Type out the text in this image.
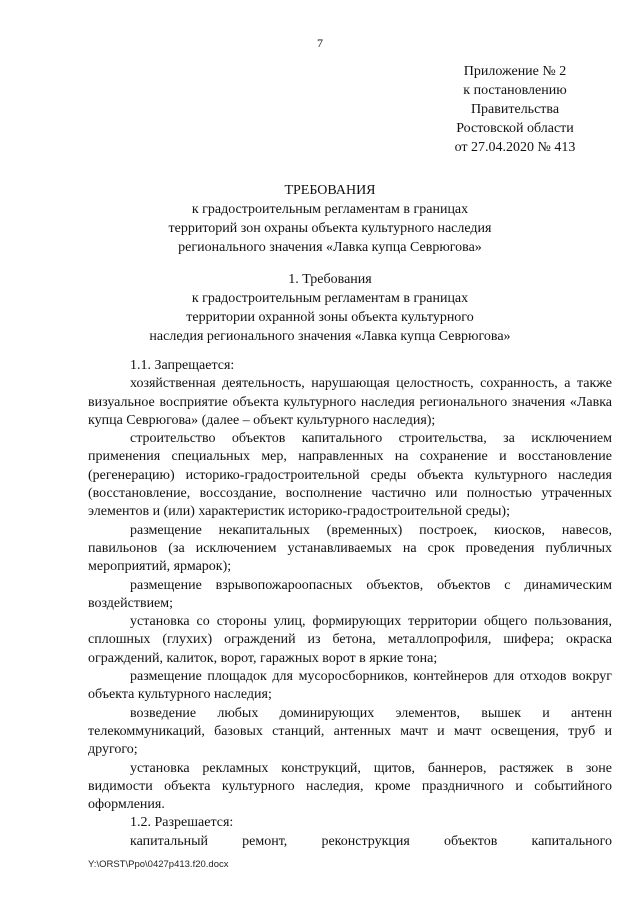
7
Приложение № 2
к постановлению
Правительства
Ростовской области
от 27.04.2020 № 413
ТРЕБОВАНИЯ
к градостроительным регламентам в границах
территорий зон охраны объекта культурного наследия
регионального значения «Лавка купца Севрюгова»
1. Требования
к градостроительным регламентам в границах
территории охранной зоны объекта культурного
наследия регионального значения «Лавка купца Севрюгова»

1.1. Запрещается:

хозяйственная деятельность, нарушающая целостность, сохранность, а также визуальное восприятие объекта культурного наследия регионального значения «Лавка купца Севрюгова» (далее – объект культурного наследия);

строительство объектов капитального строительства, за исключением применения специальных мер, направленных на сохранение и восстановление (регенерацию) историко-градостроительной среды объекта культурного наследия (восстановление, воссоздание, восполнение частично или полностью утраченных элементов и (или) характеристик историко-градостроительной среды);

размещение некапитальных (временных) построек, киосков, навесов, павильонов (за исключением устанавливаемых на срок проведения публичных мероприятий, ярмарок);

размещение взрывопожароопасных объектов, объектов с динамическим воздействием;

установка со стороны улиц, формирующих территории общего пользования, сплошных (глухих) ограждений из бетона, металлопрофиля, шифера; окраска ограждений, калиток, ворот, гаражных ворот в яркие тона;

размещение площадок для мусоросборников, контейнеров для отходов вокруг объекта культурного наследия;

возведение любых доминирующих элементов, вышек и антенн телекоммуникаций, базовых станций, антенных мачт и мачт освещения, труб и другого;

установка рекламных конструкций, щитов, баннеров, растяжек в зоне видимости объекта культурного наследия, кроме праздничного и событийного оформления.

1.2. Разрешается:

капитальный ремонт, реконструкция объектов капитального

Y:\ORST\Ppo\0427p413.f20.docx
